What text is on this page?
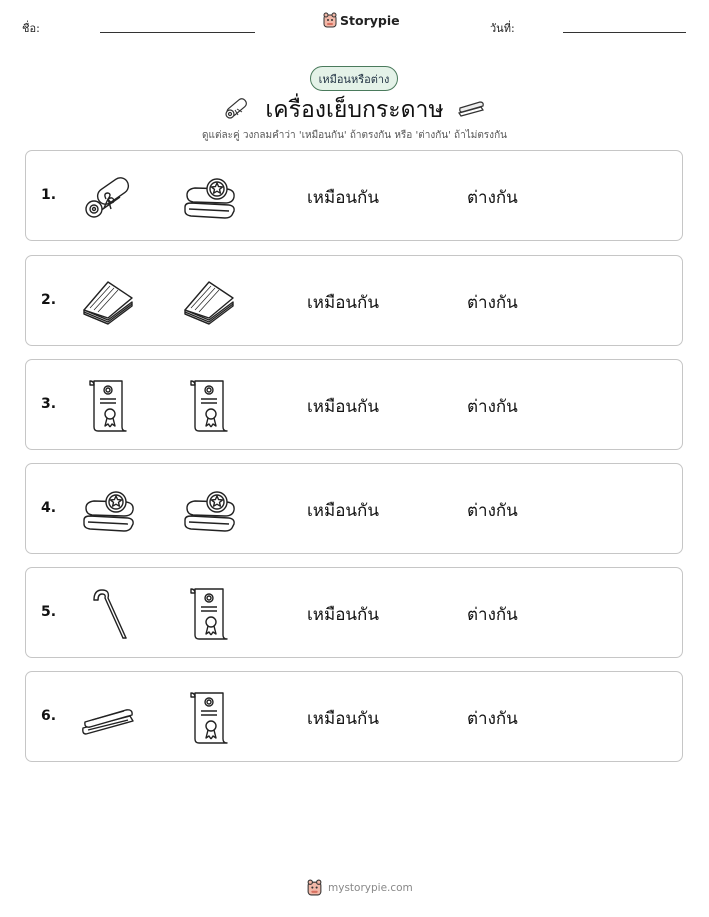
ชื่อ:
Storypie
วันที่:
เหมือนหรือต่าง
เครื่องเย็บกระดาษ
ดูแต่ละคู่ วงกลมคำว่า 'เหมือนกัน' ถ้าตรงกัน หรือ 'ต่างกัน' ถ้าไม่ตรงกัน
1.	เหมือนกัน	ต่างกัน
2.	เหมือนกัน	ต่างกัน
3.	เหมือนกัน	ต่างกัน
4.	เหมือนกัน	ต่างกัน
5.	เหมือนกัน	ต่างกัน
6.	เหมือนกัน	ต่างกัน
mystorypie.com
